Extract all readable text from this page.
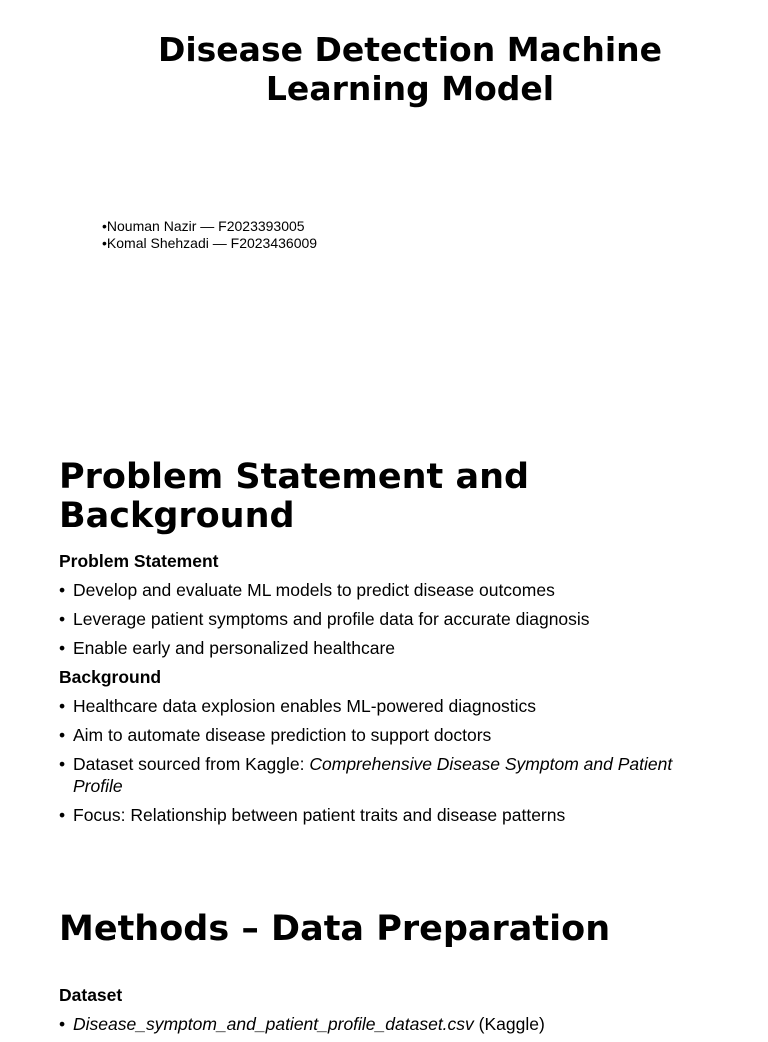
Disease Detection Machine Learning Model
• Nouman Nazir — F2023393005
• Komal Shehzadi — F2023436009
Problem Statement and Background
Problem Statement
• Develop and evaluate ML models to predict disease outcomes
• Leverage patient symptoms and profile data for accurate diagnosis
• Enable early and personalized healthcare
Background
• Healthcare data explosion enables ML-powered diagnostics
• Aim to automate disease prediction to support doctors
• Dataset sourced from Kaggle: Comprehensive Disease Symptom and Patient Profile
• Focus: Relationship between patient traits and disease patterns
Methods – Data Preparation
Dataset
• Disease_symptom_and_patient_profile_dataset.csv (Kaggle)
